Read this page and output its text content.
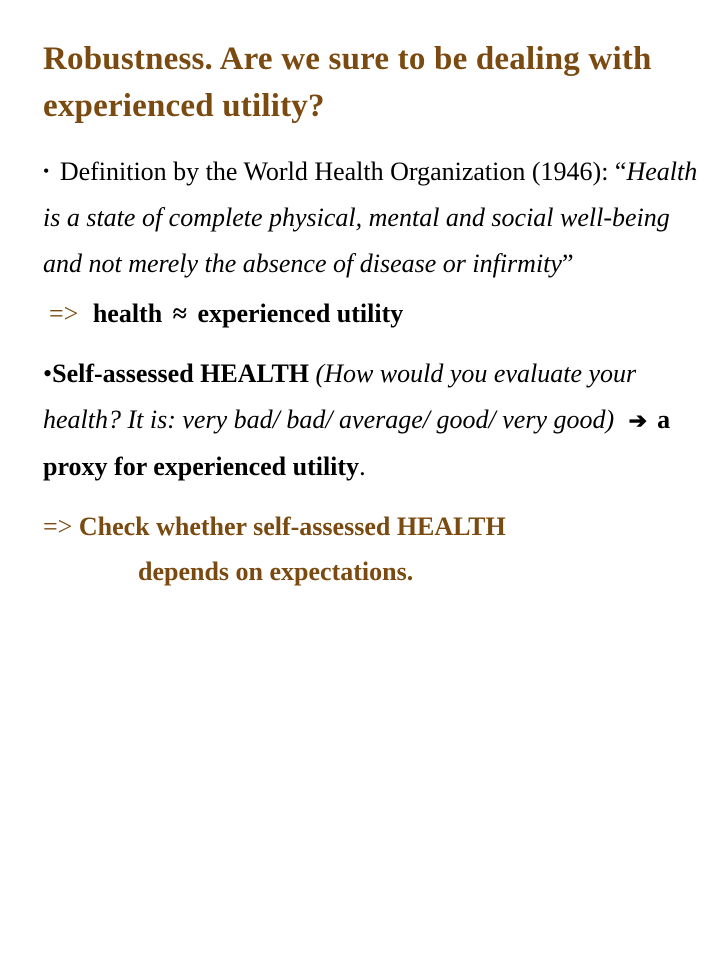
Robustness. Are we sure to be dealing with experienced utility?

• Definition by the World Health Organization (1946): “Health is a state of complete physical, mental and social well-being and not merely the absence of disease or infirmity”

=> health ≈ experienced utility

•Self-assessed HEALTH (How would you evaluate your health? It is: very bad/ bad/ average/ good/ very good) ➔ a proxy for experienced utility.

=> Check whether self-assessed HEALTH
depends on expectations.
